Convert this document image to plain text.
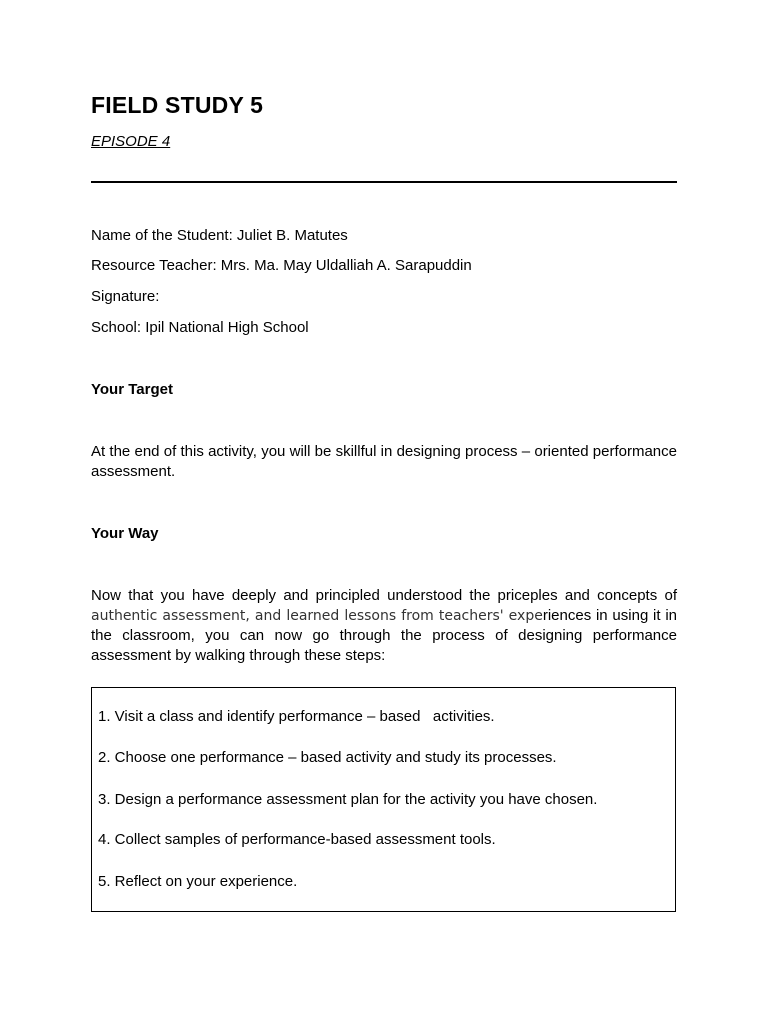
FIELD STUDY 5

EPISODE 4

Name of the Student: Juliet B. Matutes

Resource Teacher: Mrs. Ma. May Uldalliah A. Sarapuddin

Signature:

School: Ipil National High School

Your Target

At the end of this activity, you will be skillful in designing process – oriented performance assessment.

Your Way

Now that you have deeply and principled understood the priceples and concepts of authentic assessment, and learned lessons from teachers' experiences in using it in the classroom, you can now go through the process of designing performance assessment by walking through these steps:

1. Visit a class and identify performance – based   activities.
2. Choose one performance – based activity and study its processes.
3. Design a performance assessment plan for the activity you have chosen.
4. Collect samples of performance-based assessment tools.
5. Reflect on your experience.
